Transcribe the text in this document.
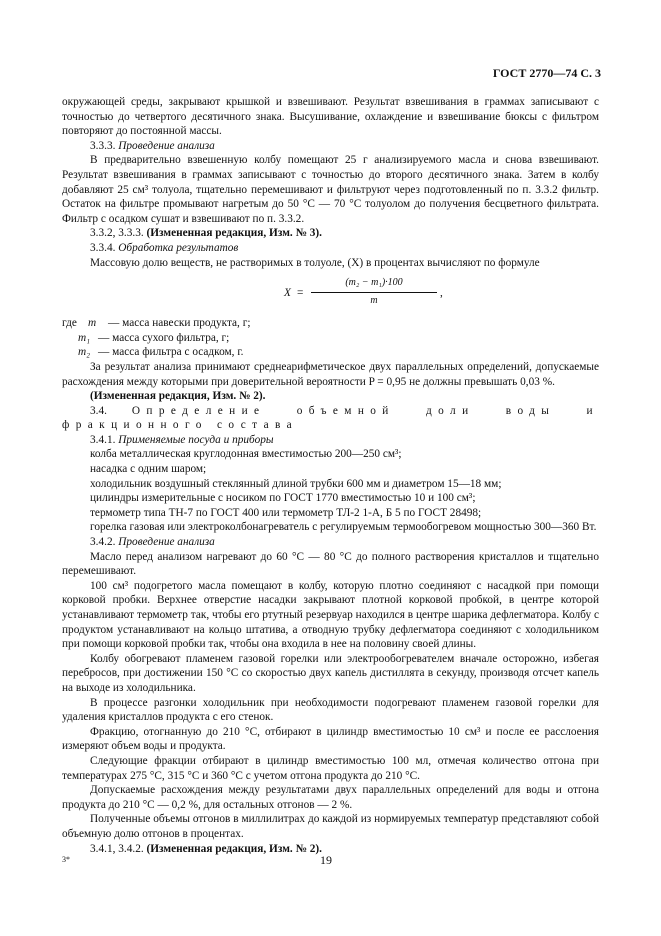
ГОСТ 2770—74 С. 3

окружающей среды, закрывают крышкой и взвешивают. Результат взвешивания в граммах записывают с точностью до четвертого десятичного знака. Высушивание, охлаждение и взвешивание бюксы с фильтром повторяют до постоянной массы.

3.3.3. Проведение анализа

В предварительно взвешенную колбу помещают 25 г анализируемого масла и снова взвешивают. Результат взвешивания в граммах записывают с точностью до второго десятичного знака. Затем в колбу добавляют 25 см³ толуола, тщательно перемешивают и фильтруют через подготовленный по п. 3.3.2 фильтр. Остаток на фильтре промывают нагретым до 50 °С — 70 °С толуолом до получения бесцветного фильтрата. Фильтр с осадком сушат и взвешивают по п. 3.3.2.

3.3.2, 3.3.3. (Измененная редакция, Изм. № 3).

3.3.4. Обработка результатов

Массовую долю веществ, не растворимых в толуоле, (X) в процентах вычисляют по формуле

$X = \frac{\text{(m₂ − m₁)·100}}{m}$ ,
где m	— масса навески продукта, г;
m₁ — масса сухого фильтра, г;
m₂ — масса фильтра с осадком, г.

За результат анализа принимают среднеарифметическое двух параллельных определений, допускаемые расхождения между которыми при доверительной вероятности P = 0,95 не должны превышать 0,03 %.

(Измененная редакция, Изм. № 2).

3.4. Определение объемной доли воды и фракционного состава

3.4.1. Применяемые посуда и приборы

колба металлическая круглодонная вместимостью 200—250 см³;

насадка с одним шаром;

холодильник воздушный стеклянный длиной трубки 600 мм и диаметром 15—18 мм;

цилиндры измерительные с носиком по ГОСТ 1770 вместимостью 10 и 100 см³;

термометр типа ТН-7 по ГОСТ 400 или термометр ТЛ-2 1-А, Б 5 по ГОСТ 28498;

горелка газовая или электроколбонагреватель с регулируемым термообогревом мощностью 300—360 Вт.

3.4.2. Проведение анализа

Масло перед анализом нагревают до 60 °С — 80 °С до полного растворения кристаллов и тщательно перемешивают.

100 см³ подогретого масла помещают в колбу, которую плотно соединяют с насадкой при помощи корковой пробки. Верхнее отверстие насадки закрывают плотной корковой пробкой, в центре которой устанавливают термометр так, чтобы его ртутный резервуар находился в центре шарика дефлегматора. Колбу с продуктом устанавливают на кольцо штатива, а отводную трубку дефлегматора соединяют с холодильником при помощи корковой пробки так, чтобы она входила в нее на половину своей длины.

Колбу обогревают пламенем газовой горелки или электрообогревателем вначале осторожно, избегая перебросов, при достижении 150 °С со скоростью двух капель дистиллята в секунду, производя отсчет капель на выходе из холодильника.

В процессе разгонки холодильник при необходимости подогревают пламенем газовой горелки для удаления кристаллов продукта с его стенок.

Фракцию, отогнанную до 210 °С, отбирают в цилиндр вместимостью 10 см³ и после ее расслоения измеряют объем воды и продукта.

Следующие фракции отбирают в цилиндр вместимостью 100 мл, отмечая количество отгона при температурах 275 °С, 315 °С и 360 °С с учетом отгона продукта до 210 °С.

Допускаемые расхождения между результатами двух параллельных определений для воды и отгона продукта до 210 °С — 0,2 %, для остальных отгонов — 2 %.

Полученные объемы отгонов в миллилитрах до каждой из нормируемых температур представляют собой объемную долю отгонов в процентах.

3.4.1, 3.4.2. (Измененная редакция, Изм. № 2).

3*	19
